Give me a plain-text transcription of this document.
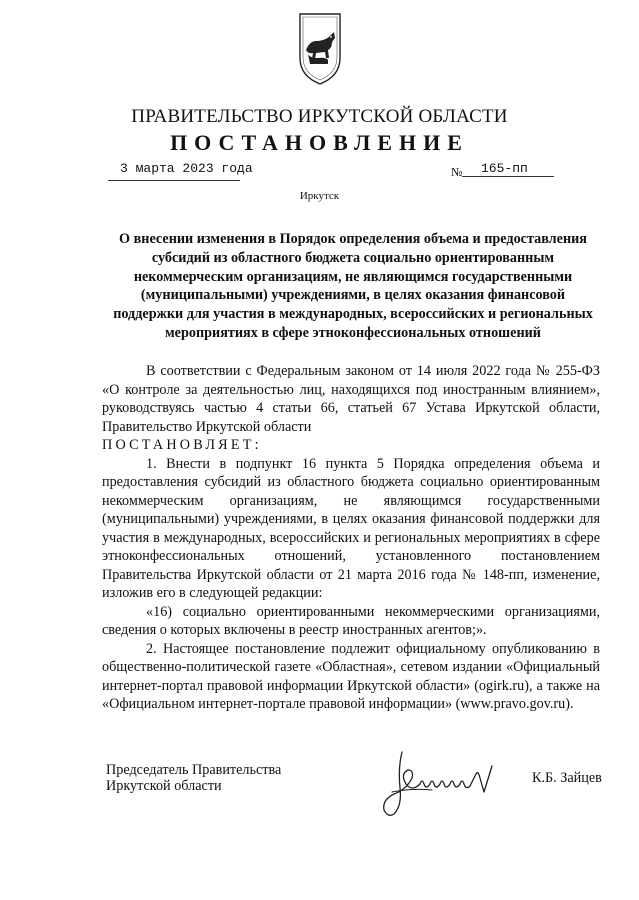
ПРАВИТЕЛЬСТВО ИРКУТСКОЙ ОБЛАСТИ
ПОСТАНОВЛЕНИЕ
3 марта 2023 года	№ 165-пп
Иркутск
О внесении изменения в Порядок определения объема и предоставления субсидий из областного бюджета социально ориентированным некоммерческим организациям, не являющимся государственными (муниципальными) учреждениями, в целях оказания финансовой поддержки для участия в международных, всероссийских и региональных мероприятиях в сфере этноконфессиональных отношений

В соответствии с Федеральным законом от 14 июля 2022 года № 255-ФЗ «О контроле за деятельностью лиц, находящихся под иностранным влиянием», руководствуясь частью 4 статьи 66, статьей 67 Устава Иркутской области, Правительство Иркутской области

ПОСТАНОВЛЯЕТ:

1. Внести в подпункт 16 пункта 5 Порядка определения объема и предоставления субсидий из областного бюджета социально ориентированным некоммерческим организациям, не являющимся государственными (муниципальными) учреждениями, в целях оказания финансовой поддержки для участия в международных, всероссийских и региональных мероприятиях в сфере этноконфессиональных отношений, установленного постановлением Правительства Иркутской области от 21 марта 2016 года № 148-пп, изменение, изложив его в следующей редакции:

«16) социально ориентированными некоммерческими организациями, сведения о которых включены в реестр иностранных агентов;».

2. Настоящее постановление подлежит официальному опубликованию в общественно-политической газете «Областная», сетевом издании «Официальный интернет-портал правовой информации Иркутской области» (ogirk.ru), а также на «Официальном интернет-портале правовой информации» (www.pravo.gov.ru).

Председатель Правительства
Иркутской области	К.Б. Зайцев
